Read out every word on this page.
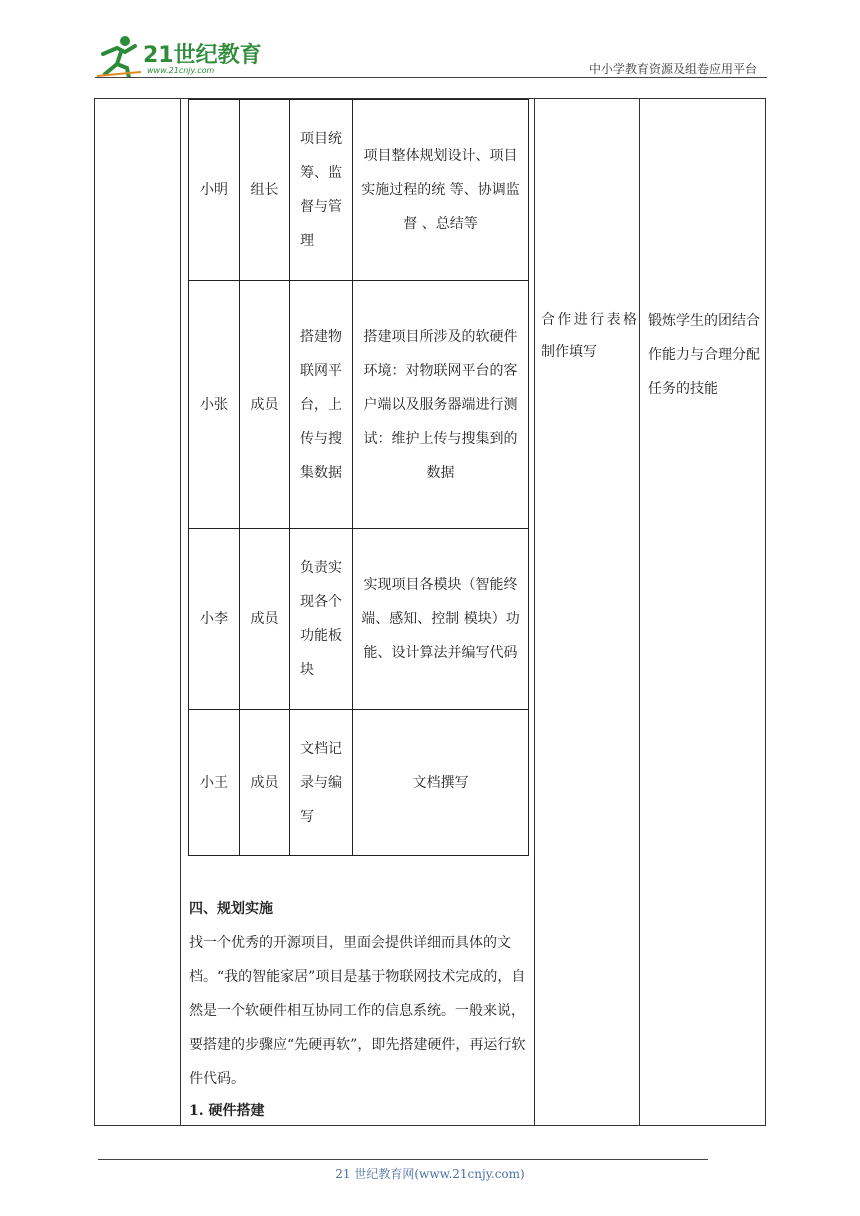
21世纪教育
www.21cnjy.com	中小学教育资源及组卷应用平台
小明	组长	项目统筹、监督与管理	项目整体规划设计、项目实施过程的统 等、协调监督 、总结等
小张	成员	搭建物联网平台，上传与搜集数据	搭建项目所涉及的软硬件环境：对物联网平台的客户端以及服务器端进行测试：维护上传与搜集到的数据
小李	成员	负责实现各个功能板块	实现项目各模块（智能终端、感知、控制 模块）功能、设计算法并编写代码
小王	成员	文档记录与编写	文档撰写
合作进行表格制作填写
锻炼学生的团结合作能力与合理分配任务的技能
四、规划实施
找一个优秀的开源项目，里面会提供详细而具体的文档。“我的智能家居”项目是基于物联网技术完成的，自然是一个软硬件相互协同工作的信息系统。一般来说，要搭建的步骤应“先硬再软”，即先搭建硬件，再运行软件代码。
1. 硬件搭建
21 世纪教育网(www.21cnjy.com)
